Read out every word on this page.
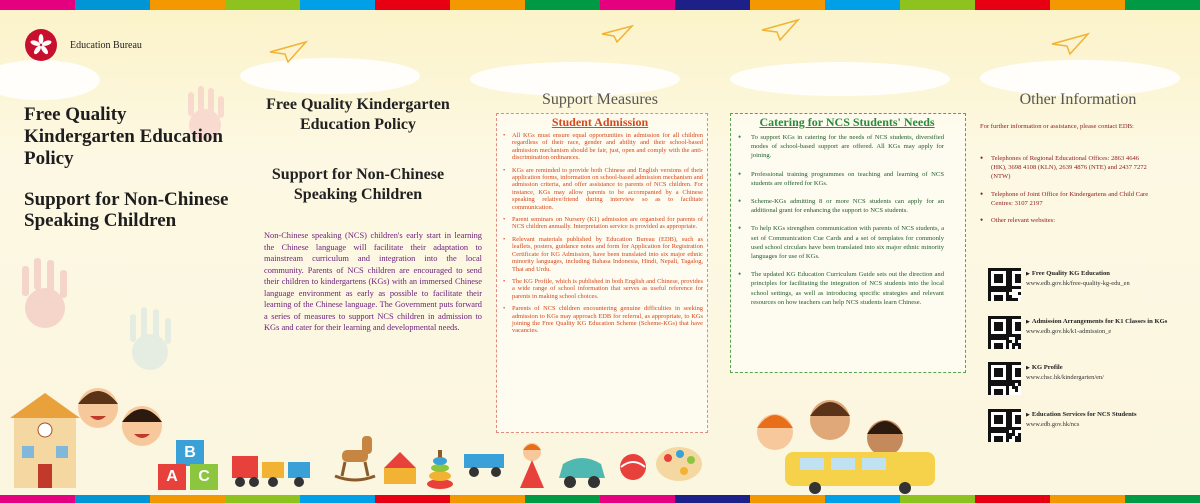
Education Bureau
Free Quality Kindergarten Education Policy
Support for Non-Chinese Speaking Children
Free Quality Kindergarten Education Policy
Support for Non-Chinese Speaking Children
Non-Chinese speaking (NCS) children's early start in learning the Chinese language will facilitate their adaptation to mainstream curriculum and integration into the local community. Parents of NCS children are encouraged to send their children to kindergartens (KGs) with an immersed Chinese language environment as early as possible to facilitate their learning of the Chinese language. The Government puts forward a series of measures to support NCS children in admission to KGs and cater for their learning and developmental needs.
Support Measures
Student Admission
• All KGs must ensure equal opportunities in admission for all children regardless of their race, gender and ability and their school-based admission mechanism should be fair, just, open and comply with the anti-discrimination ordinances.
• KGs are reminded to provide both Chinese and English versions of their application forms, information on school-based admission mechanism and admission criteria, and offer assistance to parents of NCS children. For instance, KGs may allow parents to be accompanied by a Chinese speaking relative/friend during interview so as to facilitate communication.
• Parent seminars on Nursery (K1) admission are organised for parents of NCS children annually. Interpretation service is provided as appropriate.
• Relevant materials published by Education Bureau (EDB), such as leaflets, posters, guidance notes and form for Application for Registration Certificate for KG Admission, have been translated into six major ethnic minority languages, including Bahasa Indonesia, Hindi, Nepali, Tagalog, Thai and Urdu.
• The KG Profile, which is published in both English and Chinese, provides a wide range of school information that serves as useful reference for parents in making school choices.
• Parents of NCS children encountering genuine difficulties in seeking admission to KGs may approach EDB for referral, as appropriate, to KGs joining the Free Quality KG Education Scheme (Scheme-KGs) that have vacancies.
Catering for NCS Students' Needs
• To support KGs in catering for the needs of NCS students, diversified modes of school-based support are offered. All KGs may apply for joining.
• Professional training programmes on teaching and learning of NCS students are offered for KGs.
• Scheme-KGs admitting 8 or more NCS students can apply for an additional grant for enhancing the support to NCS students.
• To help KGs strengthen communication with parents of NCS students, a set of Communication Cue Cards and a set of templates for commonly used school circulars have been translated into six major ethnic minority languages for use of KGs.
• The updated KG Education Curriculum Guide sets out the direction and principles for facilitating the integration of NCS students into the local school settings, as well as introducing specific strategies and relevant resources on how teachers can help NCS students learn Chinese.
Other Information
For further information or assistance, please contact EDB:
• Telephones of Regional Educational Offices: 2863 4646 (HK), 3698 4108 (KLN), 2639 4876 (NTE) and 2437 7272 (NTW)
• Telephone of Joint Office for Kindergartens and Child Care Centres: 3107 2197
• Other relevant websites:
▶ Free Quality KG Education
www.edb.gov.hk/free-quality-kg-edu_en
▶ Admission Arrangements for K1 Classes in KGs
www.edb.gov.hk/k1-admission_e
▶ KG Profile
www.chsc.hk/kindergarten/en/
▶ Education Services for NCS Students
www.edb.gov.hk/ncs
B
A	C
